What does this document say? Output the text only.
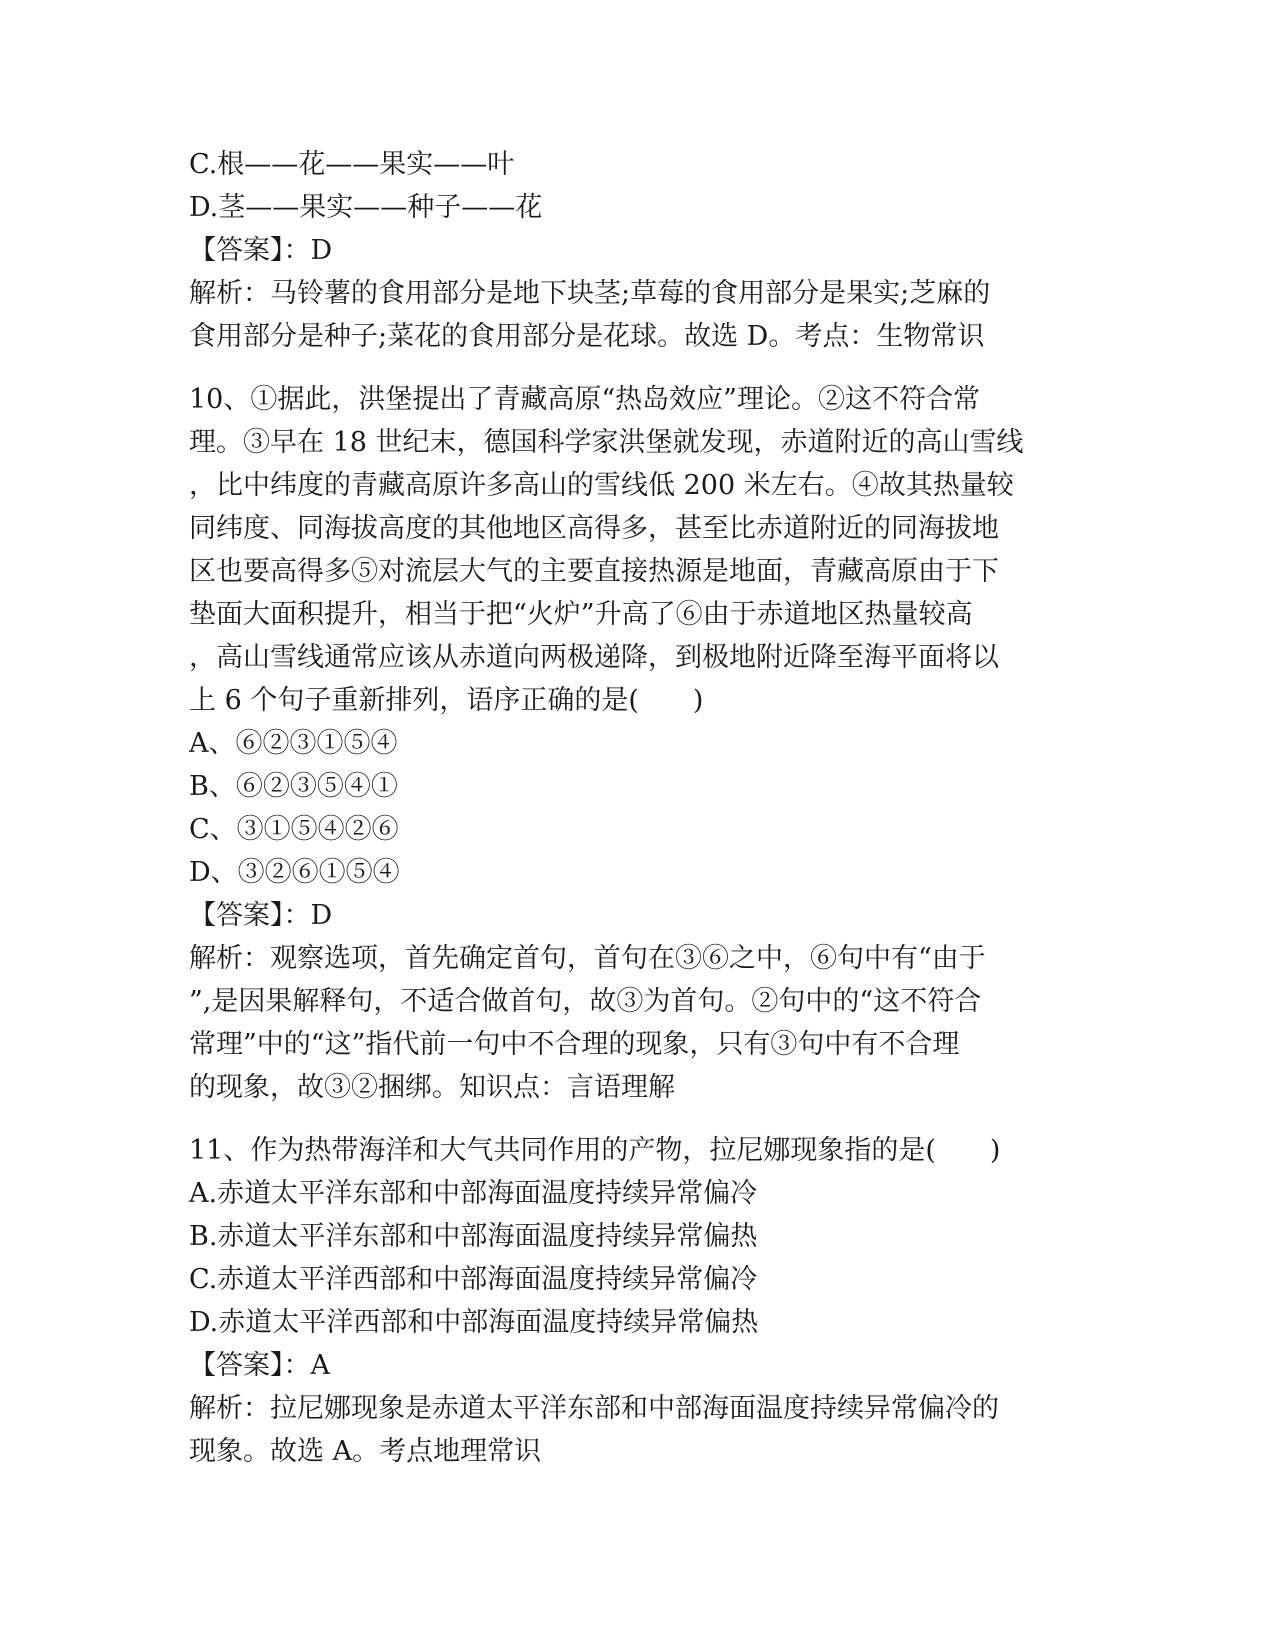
C.根——花——果实——叶
D.茎——果实——种子——花
【答案】：D
解析：马铃薯的食用部分是地下块茎;草莓的食用部分是果实;芝麻的
食用部分是种子;菜花的食用部分是花球。故选 D。考点：生物常识
10、①据此，洪堡提出了青藏高原“热岛效应”理论。②这不符合常
理。③早在 18 世纪末，德国科学家洪堡就发现，赤道附近的高山雪线
，比中纬度的青藏高原许多高山的雪线低 200 米左右。④故其热量较
同纬度、同海拔高度的其他地区高得多，甚至比赤道附近的同海拔地
区也要高得多⑤对流层大气的主要直接热源是地面，青藏高原由于下
垫面大面积提升，相当于把“火炉”升高了⑥由于赤道地区热量较高
，高山雪线通常应该从赤道向两极递降，到极地附近降至海平面将以
上 6 个句子重新排列，语序正确的是(　　)
A、⑥②③①⑤④
B、⑥②③⑤④①
C、③①⑤④②⑥
D、③②⑥①⑤④
【答案】：D
解析：观察选项，首先确定首句，首句在③⑥之中，⑥句中有“由于
”,是因果解释句，不适合做首句，故③为首句。②句中的“这不符合
常理”中的“这”指代前一句中不合理的现象，只有③句中有不合理
的现象，故③②捆绑。知识点：言语理解
11、作为热带海洋和大气共同作用的产物，拉尼娜现象指的是(　　)
A.赤道太平洋东部和中部海面温度持续异常偏冷
B.赤道太平洋东部和中部海面温度持续异常偏热
C.赤道太平洋西部和中部海面温度持续异常偏冷
D.赤道太平洋西部和中部海面温度持续异常偏热
【答案】：A
解析：拉尼娜现象是赤道太平洋东部和中部海面温度持续异常偏冷的
现象。故选 A。考点地理常识
